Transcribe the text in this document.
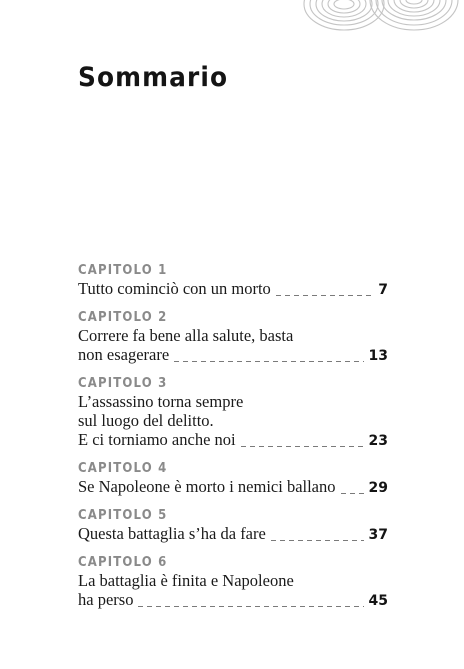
Sommario
CAPITOLO 1
Tutto cominciò con un morto	7
CAPITOLO 2
Correre fa bene alla salute, basta
non esagerare	13
CAPITOLO 3
L’assassino torna sempre
sul luogo del delitto.
E ci torniamo anche noi	23
CAPITOLO 4
Se Napoleone è morto i nemici ballano 29
CAPITOLO 5
Questa battaglia s’ha da fare	37
CAPITOLO 6
La battaglia è finita e Napoleone
ha perso	45
